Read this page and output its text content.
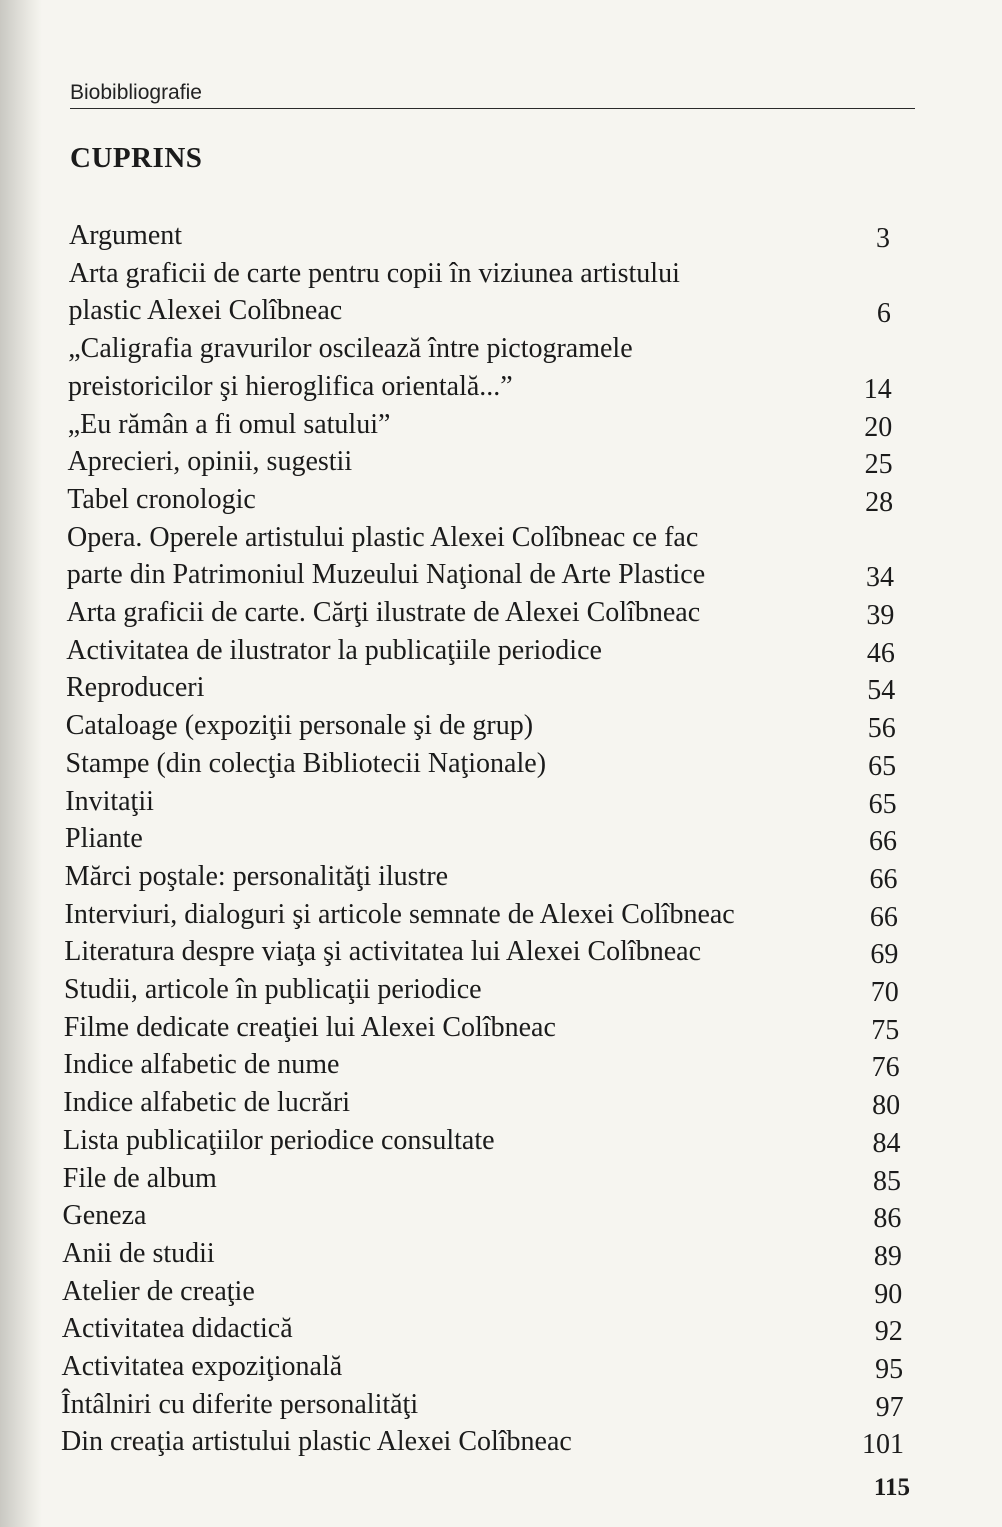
Biobibliografie
CUPRINS
Argument	3
Arta graficii de carte pentru copii în viziunea artistului
plastic Alexei Colîbneac	6
„Caligrafia gravurilor oscilează între pictogramele
preistoricilor şi hieroglifica orientală...”	14
„Eu rămân a fi omul satului”	20
Aprecieri, opinii, sugestii	25
Tabel cronologic	28
Opera. Operele artistului plastic Alexei Colîbneac ce fac
parte din Patrimoniul Muzeului Naţional de Arte Plastice	34
Arta graficii de carte. Cărţi ilustrate de Alexei Colîbneac	39
Activitatea de ilustrator la publicaţiile periodice	46
Reproduceri	54
Cataloage (expoziţii personale şi de grup)	56
Stampe (din colecţia Bibliotecii Naţionale)	65
Invitaţii	65
Pliante	66
Mărci poştale: personalităţi ilustre	66
Interviuri, dialoguri şi articole semnate de Alexei Colîbneac	66
Literatura despre viaţa şi activitatea lui Alexei Colîbneac	69
Studii, articole în publicaţii periodice	70
Filme dedicate creaţiei lui Alexei Colîbneac	75
Indice alfabetic de nume	76
Indice alfabetic de lucrări	80
Lista publicaţiilor periodice consultate	84
File de album	85
Geneza	86
Anii de studii	89
Atelier de creaţie	90
Activitatea didactică	92
Activitatea expoziţională	95
Întâlniri cu diferite personalităţi	97
Din creaţia artistului plastic Alexei Colîbneac	101
115
